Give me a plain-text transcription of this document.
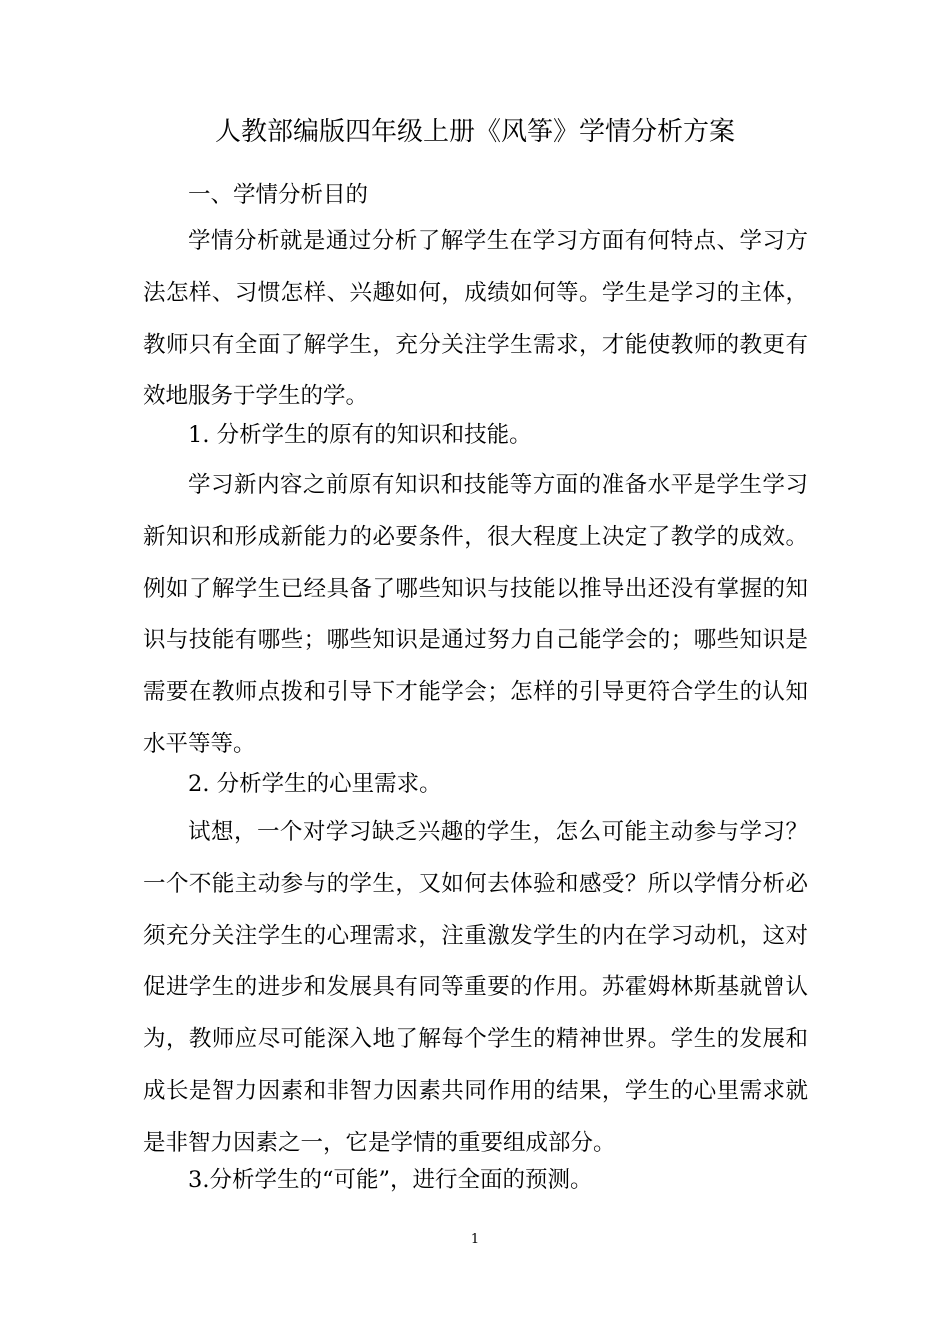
人教部编版四年级上册《风筝》学情分析方案

一、学情分析目的

学情分析就是通过分析了解学生在学习方面有何特点、学习方法怎样、习惯怎样、兴趣如何，成绩如何等。学生是学习的主体，教师只有全面了解学生，充分关注学生需求，才能使教师的教更有效地服务于学生的学。

1. 分析学生的原有的知识和技能。

学习新内容之前原有知识和技能等方面的准备水平是学生学习新知识和形成新能力的必要条件，很大程度上决定了教学的成效。例如了解学生已经具备了哪些知识与技能以推导出还没有掌握的知识与技能有哪些；哪些知识是通过努力自己能学会的；哪些知识是需要在教师点拨和引导下才能学会；怎样的引导更符合学生的认知水平等等。

2. 分析学生的心里需求。

试想，一个对学习缺乏兴趣的学生，怎么可能主动参与学习？一个不能主动参与的学生，又如何去体验和感受？所以学情分析必须充分关注学生的心理需求，注重激发学生的内在学习动机，这对促进学生的进步和发展具有同等重要的作用。苏霍姆林斯基就曾认为，教师应尽可能深入地了解每个学生的精神世界。学生的发展和成长是智力因素和非智力因素共同作用的结果，学生的心里需求就是非智力因素之一，它是学情的重要组成部分。

3.分析学生的“可能”，进行全面的预测。

1
